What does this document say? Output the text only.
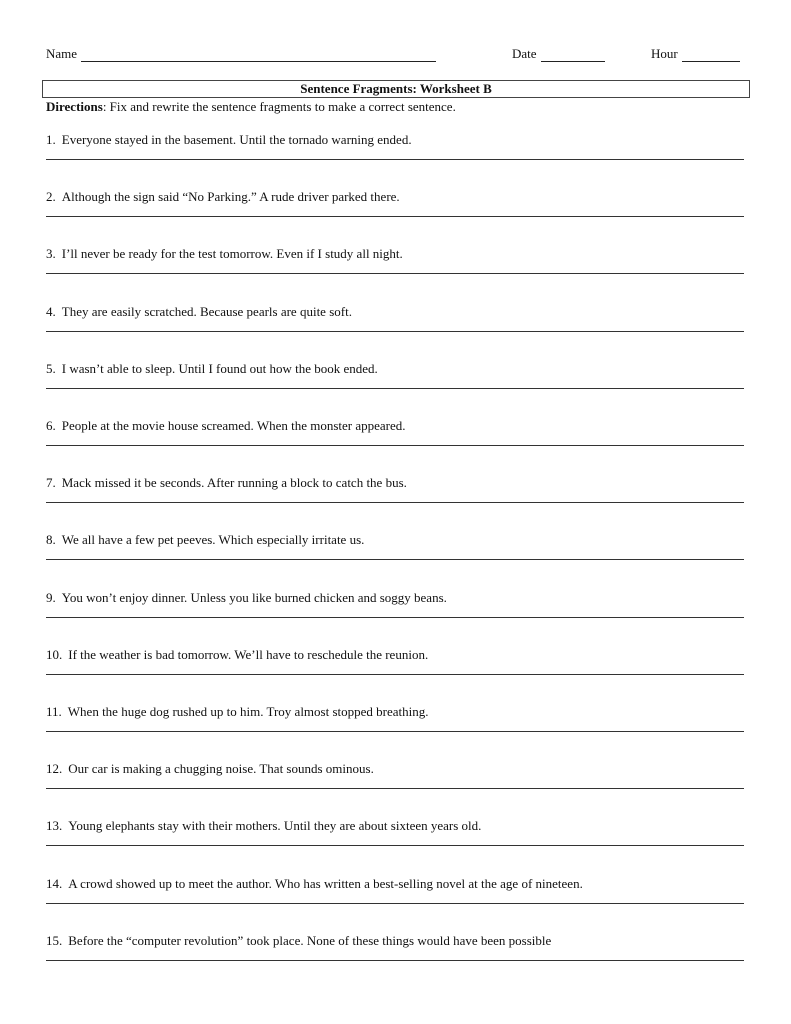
Name	Date	Hour
Sentence Fragments: Worksheet B
Directions: Fix and rewrite the sentence fragments to make a correct sentence.
1. Everyone stayed in the basement. Until the tornado warning ended.
2. Although the sign said “No Parking.” A rude driver parked there.
3. I’ll never be ready for the test tomorrow. Even if I study all night.
4. They are easily scratched. Because pearls are quite soft.
5. I wasn’t able to sleep. Until I found out how the book ended.
6. People at the movie house screamed. When the monster appeared.
7. Mack missed it be seconds. After running a block to catch the bus.
8. We all have a few pet peeves. Which especially irritate us.
9. You won’t enjoy dinner. Unless you like burned chicken and soggy beans.
10. If the weather is bad tomorrow. We’ll have to reschedule the reunion.
11. When the huge dog rushed up to him. Troy almost stopped breathing.
12. Our car is making a chugging noise. That sounds ominous.
13. Young elephants stay with their mothers. Until they are about sixteen years old.
14. A crowd showed up to meet the author. Who has written a best-selling novel at the age of nineteen.
15. Before the “computer revolution” took place. None of these things would have been possible
